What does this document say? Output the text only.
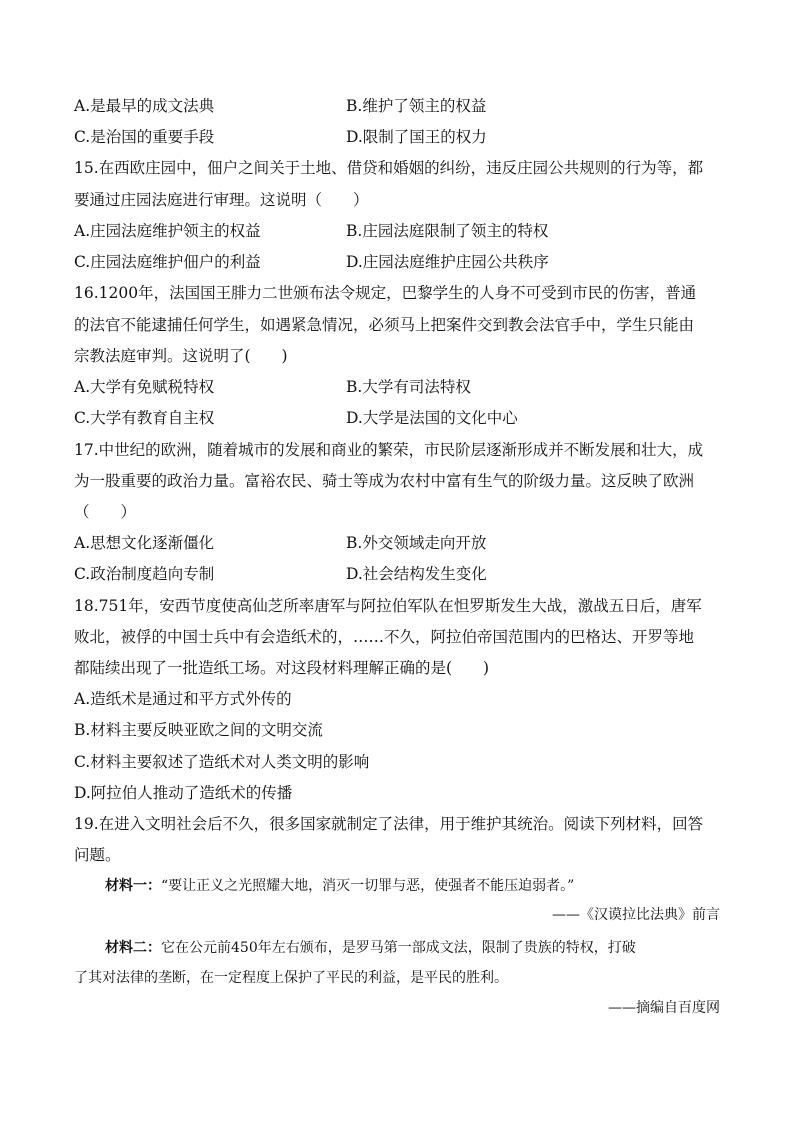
A.是最早的成文法典	B.维护了领主的权益
C.是治国的重要手段	D.限制了国王的权力
15.在西欧庄园中，佃户之间关于土地、借贷和婚姻的纠纷，违反庄园公共规则的行为等，都
要通过庄园法庭进行审理。这说明（　　）
A.庄园法庭维护领主的权益	B.庄园法庭限制了领主的特权
C.庄园法庭维护佃户的利益	D.庄园法庭维护庄园公共秩序
16.1200年，法国国王腓力二世颁布法令规定，巴黎学生的人身不可受到市民的伤害，普通
的法官不能逮捕任何学生，如遇紧急情况，必须马上把案件交到教会法官手中，学生只能由
宗教法庭审判。这说明了(　　)
A.大学有免赋税特权	B.大学有司法特权
C.大学有教育自主权	D.大学是法国的文化中心
17.中世纪的欧洲，随着城市的发展和商业的繁荣，市民阶层逐渐形成并不断发展和壮大，成
为一股重要的政治力量。富裕农民、骑士等成为农村中富有生气的阶级力量。这反映了欧洲
（　　）
A.思想文化逐渐僵化	B.外交领域走向开放
C.政治制度趋向专制	D.社会结构发生变化
18.751年，安西节度使高仙芝所率唐军与阿拉伯军队在怛罗斯发生大战，激战五日后，唐军
败北，被俘的中国士兵中有会造纸术的，……不久，阿拉伯帝国范围内的巴格达、开罗等地
都陆续出现了一批造纸工场。对这段材料理解正确的是(　　)
A.造纸术是通过和平方式外传的
B.材料主要反映亚欧之间的文明交流
C.材料主要叙述了造纸术对人类文明的影响
D.阿拉伯人推动了造纸术的传播
19.在进入文明社会后不久，很多国家就制定了法律，用于维护其统治。阅读下列材料，回答
问题。
材料一：“要让正义之光照耀大地，消灭一切罪与恶，使强者不能压迫弱者。”
——《汉谟拉比法典》前言
材料二：它在公元前450年左右颁布，是罗马第一部成文法，限制了贵族的特权，打破
了其对法律的垄断，在一定程度上保护了平民的利益，是平民的胜利。
——摘编自百度网
